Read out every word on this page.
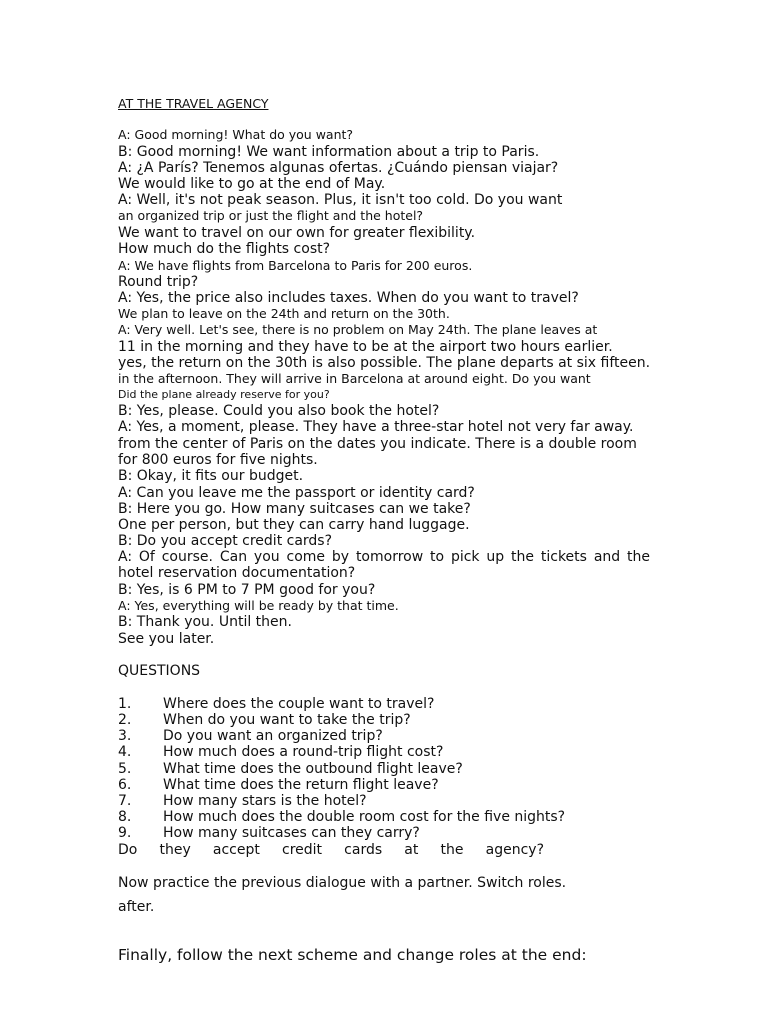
AT THE TRAVEL AGENCY

A: Good morning! What do you want?

B: Good morning! We want information about a trip to Paris.

A: ¿A París? Tenemos algunas ofertas. ¿Cuándo piensan viajar?

We would like to go at the end of May.

A: Well, it's not peak season. Plus, it isn't too cold. Do you want

an organized trip or just the flight and the hotel?

We want to travel on our own for greater flexibility.

How much do the flights cost?

A: We have flights from Barcelona to Paris for 200 euros.

Round trip?

A: Yes, the price also includes taxes. When do you want to travel?

We plan to leave on the 24th and return on the 30th.

A: Very well. Let's see, there is no problem on May 24th. The plane leaves at

11 in the morning and they have to be at the airport two hours earlier.

yes, the return on the 30th is also possible. The plane departs at six fifteen.

in the afternoon. They will arrive in Barcelona at around eight. Do you want

Did the plane already reserve for you?

B: Yes, please. Could you also book the hotel?

A: Yes, a moment, please. They have a three-star hotel not very far away.

from the center of Paris on the dates you indicate. There is a double room

for 800 euros for five nights.

B: Okay, it fits our budget.

A: Can you leave me the passport or identity card?

B: Here you go. How many suitcases can we take?

One per person, but they can carry hand luggage.

B: Do you accept credit cards?

A: Of course. Can you come by tomorrow to pick up the tickets and the

hotel reservation documentation?

B: Yes, is 6 PM to 7 PM good for you?

A: Yes, everything will be ready by that time.

B: Thank you. Until then.

See you later.

QUESTIONS

1. Where does the couple want to travel?

2. When do you want to take the trip?

3. Do you want an organized trip?

4. How much does a round-trip flight cost?

5. What time does the outbound flight leave?

6. What time does the return flight leave?

7. How many stars is the hotel?

8. How much does the double room cost for the five nights?

9. How many suitcases can they carry?

Do they accept credit cards at the agency?

Now practice the previous dialogue with a partner. Switch roles.

after.

Finally, follow the next scheme and change roles at the end:
